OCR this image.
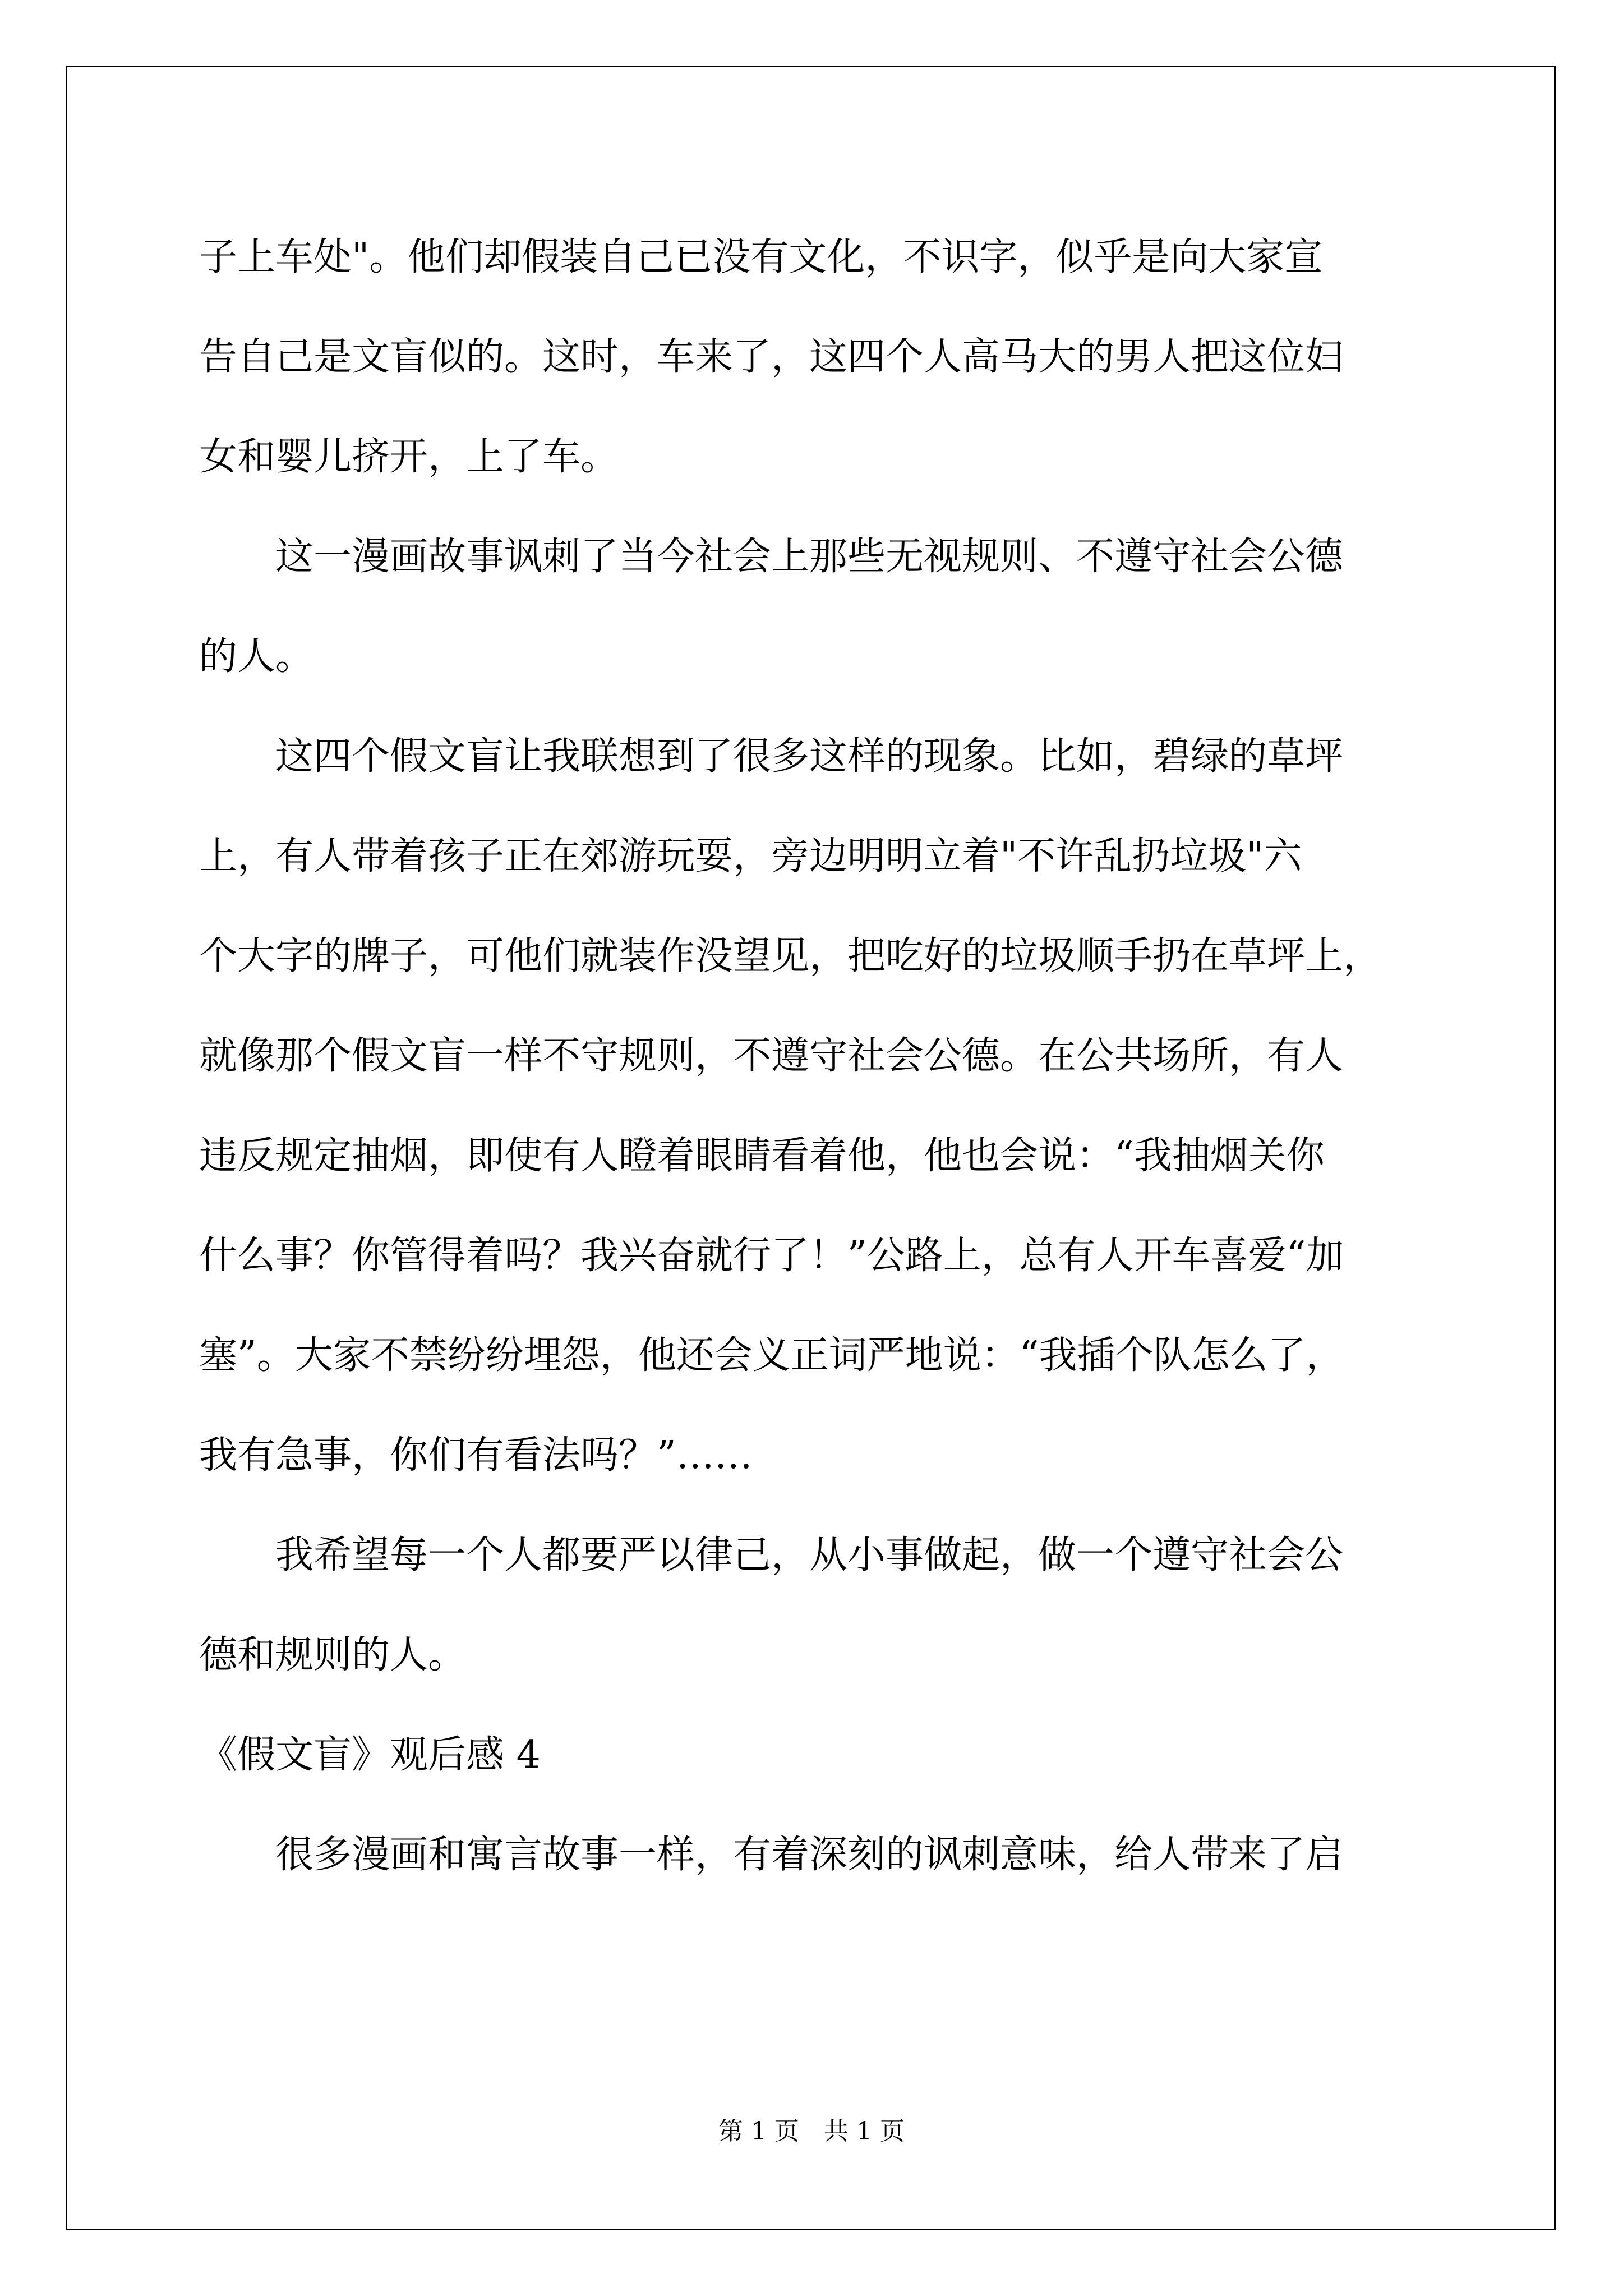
子上车处"。他们却假装自己已没有文化，不识字，似乎是向大家宣
告自己是文盲似的。这时，车来了，这四个人高马大的男人把这位妇
女和婴儿挤开，上了车。
　　这一漫画故事讽刺了当今社会上那些无视规则、不遵守社会公德
的人。
　　这四个假文盲让我联想到了很多这样的现象。比如，碧绿的草坪
上，有人带着孩子正在郊游玩耍，旁边明明立着"不许乱扔垃圾"六
个大字的牌子，可他们就装作没望见，把吃好的垃圾顺手扔在草坪上，
就像那个假文盲一样不守规则，不遵守社会公德。在公共场所，有人
违反规定抽烟，即使有人瞪着眼睛看着他，他也会说：“我抽烟关你
什么事？你管得着吗？我兴奋就行了！”公路上，总有人开车喜爱“加
塞”。大家不禁纷纷埋怨，他还会义正词严地说：“我插个队怎么了，
我有急事，你们有看法吗？”……
　　我希望每一个人都要严以律己，从小事做起，做一个遵守社会公
德和规则的人。
《假文盲》观后感 4
　　很多漫画和寓言故事一样，有着深刻的讽刺意味，给人带来了启
第 1 页　共 1 页
